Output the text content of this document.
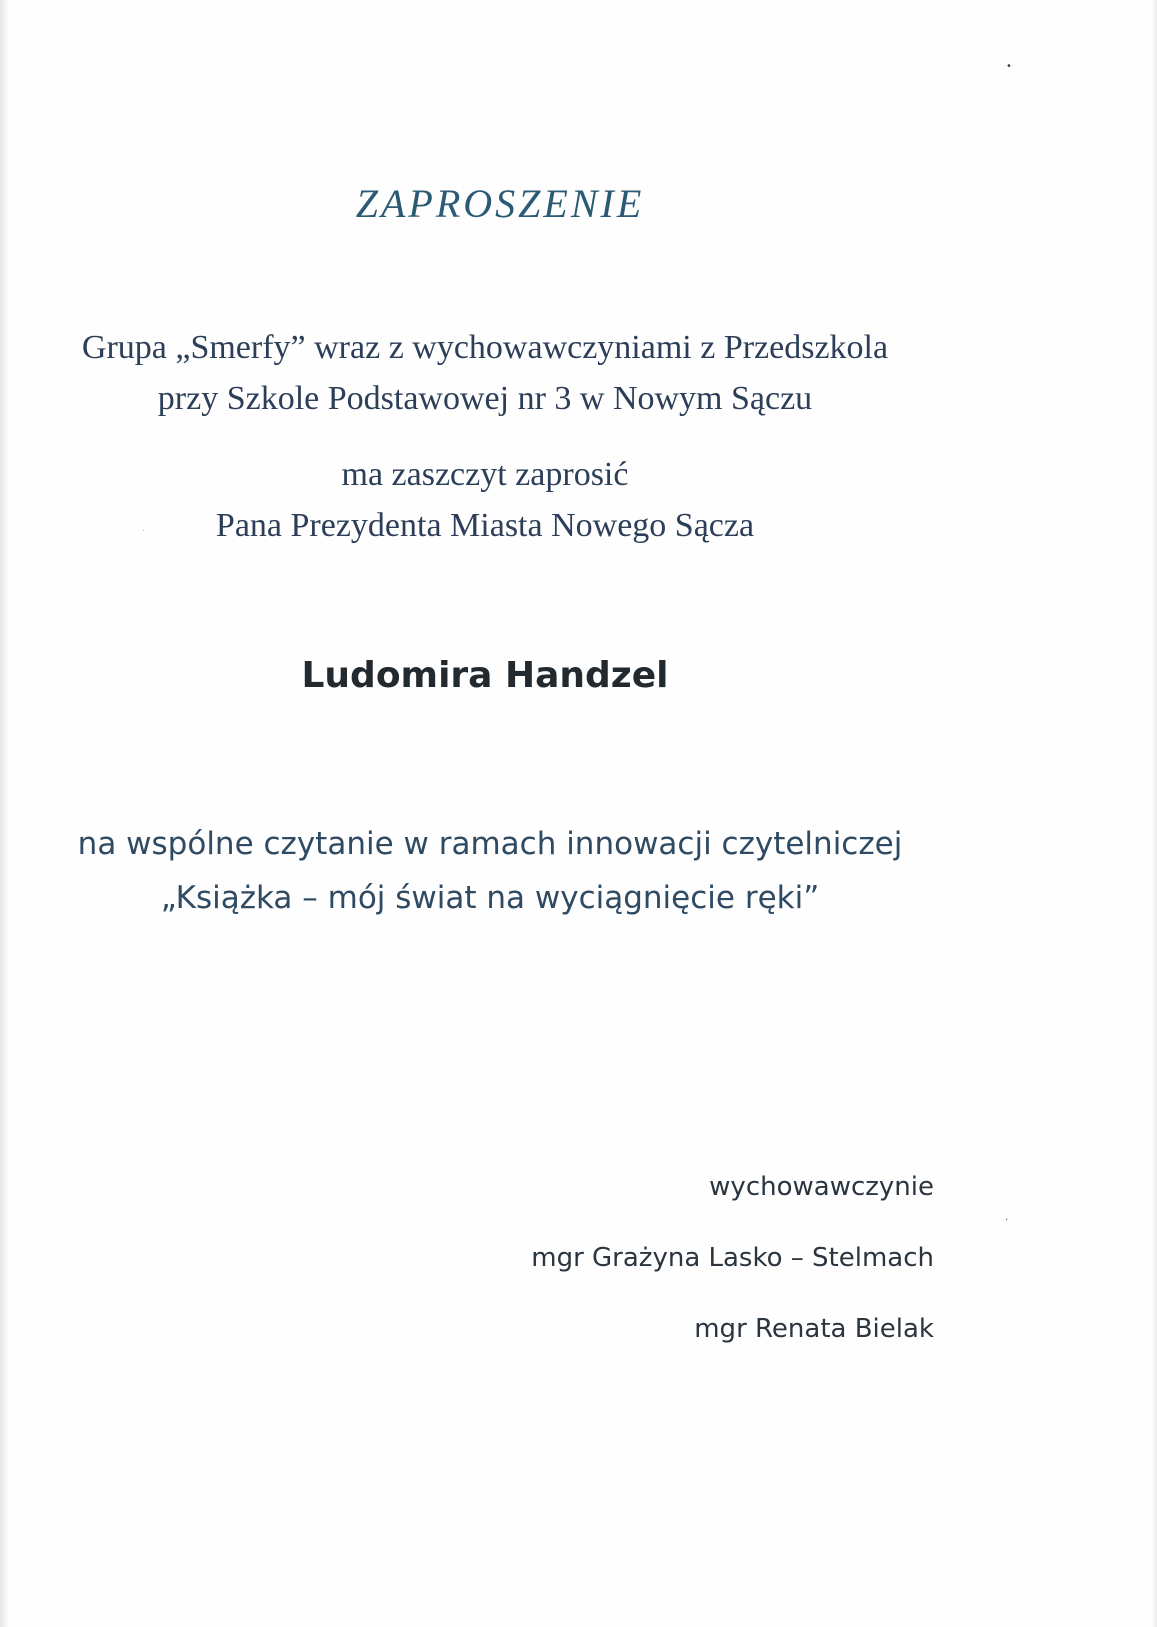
•
·
·
ZAPROSZENIE
Grupa „Smerfy” wraz z wychowawczyniami z Przedszkola
przy Szkole Podstawowej nr 3 w Nowym Sączu
ma zaszczyt zaprosić
Pana Prezydenta Miasta Nowego Sącza
Ludomira Handzel
na wspólne czytanie w ramach innowacji czytelniczej
„Książka – mój świat na wyciągnięcie ręki”
wychowawczynie
mgr Grażyna Lasko – Stelmach
mgr Renata Bielak
